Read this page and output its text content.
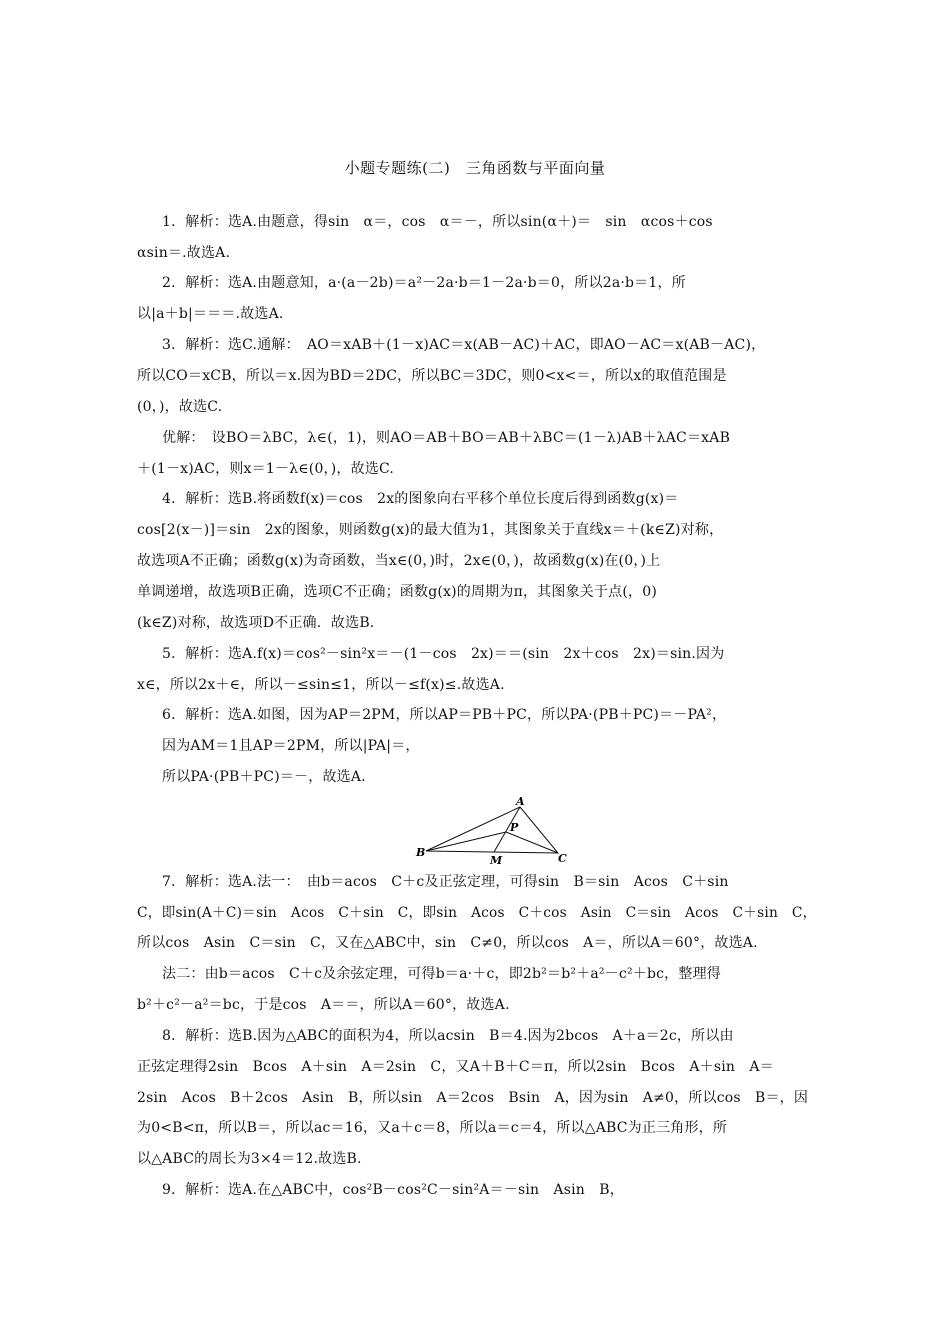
小题专题练(二)　三角函数与平面向量
1．解析：选A.由题意，得sin　α＝，cos　α＝－，所以sin(α＋)＝　sin　αcos＋cos
αsin＝.故选A.
2．解析：选A.由题意知，a·(a－2b)＝a²－2a·b＝1－2a·b＝0，所以2a·b＝1，所
以|a＋b|＝＝＝.故选A.
3．解析：选C.通解：　AO＝xAB＋(1－x)AC＝x(AB－AC)＋AC，即AO－AC＝x(AB－AC)，
所以CO＝xCB，所以＝x.因为BD＝2DC，所以BC＝3DC，则0<x<＝，所以x的取值范围是
(0，)，故选C.
优解：　设BO＝λBC，λ∈(，1)，则AO＝AB＋BO＝AB＋λBC＝(1－λ)AB＋λAC＝xAB
＋(1－x)AC，则x＝1－λ∈(0，)，故选C.
4．解析：选B.将函数f(x)＝cos　2x的图象向右平移个单位长度后得到函数g(x)＝
cos[2(x－)]＝sin　2x的图象，则函数g(x)的最大值为1，其图象关于直线x＝＋(k∈Z)对称，
故选项A不正确；函数g(x)为奇函数，当x∈(0，)时，2x∈(0，)，故函数g(x)在(0，)上
单调递增，故选项B正确，选项C不正确；函数g(x)的周期为π，其图象关于点(，0)
(k∈Z)对称，故选项D不正确．故选B.
5．解析：选A.f(x)＝cos²－sin²x＝－(1－cos　2x)＝＝(sin　2x＋cos　2x)＝sin.因为
x∈，所以2x＋∈，所以－≤sin≤1，所以－≤f(x)≤.故选A.
6．解析：选A.如图，因为AP＝2PM，所以AP＝PB＋PC，所以PA·(PB＋PC)＝－PA²，
因为AM＝1且AP＝2PM，所以|PA|＝，
所以PA·(PB＋PC)＝－，故选A.
A
B	C
P
M
7．解析：选A.法一：　由b＝acos　C＋c及正弦定理，可得sin　B＝sin　Acos　C＋sin
C，即sin(A＋C)＝sin　Acos　C＋sin　C，即sin　Acos　C＋cos　Asin　C＝sin　Acos　C＋sin　C，
所以cos　Asin　C＝sin　C，又在△ABC中，sin　C≠0，所以cos　A＝，所以A＝60°，故选A.
法二：由b＝acos　C＋c及余弦定理，可得b＝a·＋c，即2b²＝b²＋a²－c²＋bc，整理得
b²＋c²－a²＝bc，于是cos　A＝＝，所以A＝60°，故选A.
8．解析：选B.因为△ABC的面积为4，所以acsin　B＝4.因为2bcos　A＋a＝2c，所以由
正弦定理得2sin　Bcos　A＋sin　A＝2sin　C，又A＋B＋C＝π，所以2sin　Bcos　A＋sin　A＝
2sin　Acos　B＋2cos　Asin　B，所以sin　A＝2cos　Bsin　A，因为sin　A≠0，所以cos　B＝，因
为0<B<π，所以B＝，所以ac＝16，又a＋c＝8，所以a＝c＝4，所以△ABC为正三角形，所
以△ABC的周长为3×4＝12.故选B.
9．解析：选A.在△ABC中，cos²B－cos²C－sin²A＝－sin　Asin　B，
